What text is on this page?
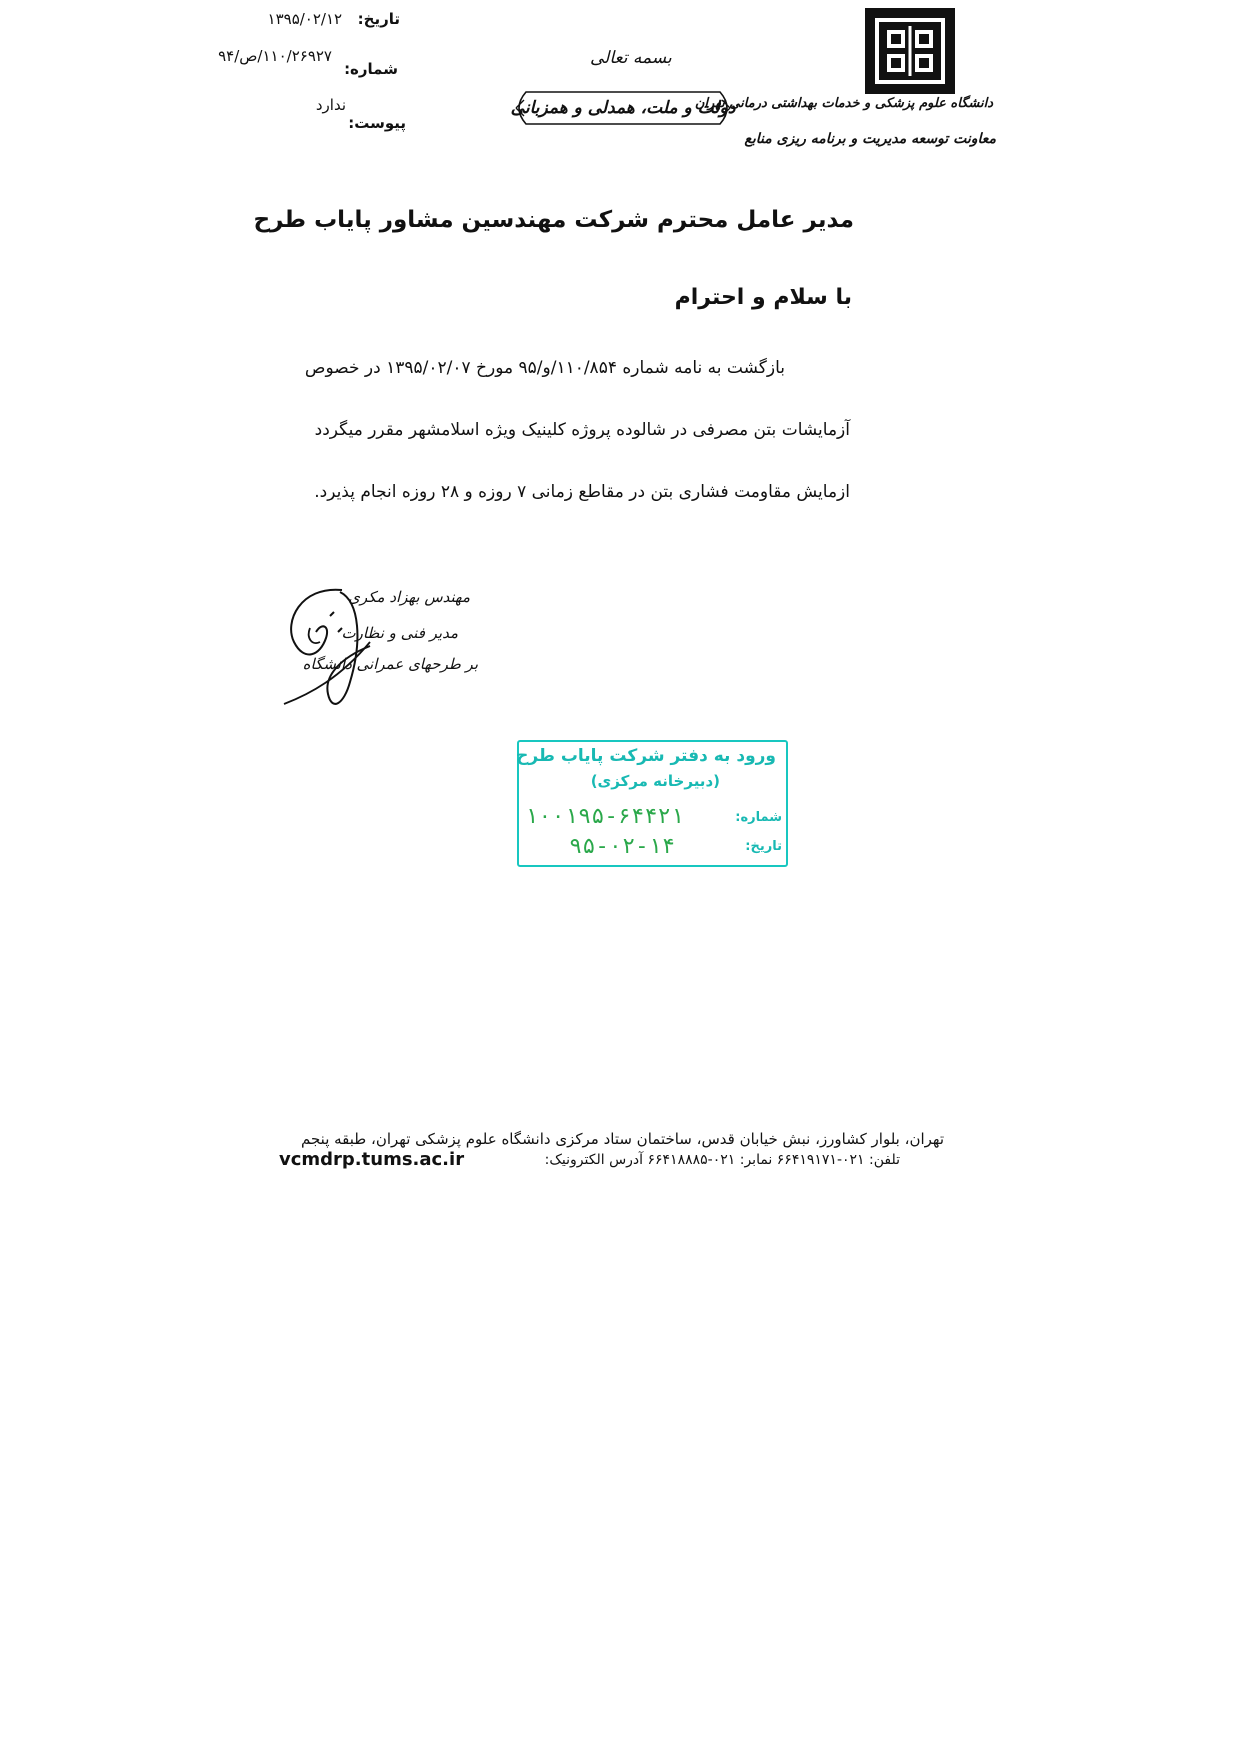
تاریخ:  ۱۳۹۵/۰۲/۱۲
شماره:
۱۱۰/۲۶۹۲۷/ص/۹۴
ندارد
پیوست:
بسمه تعالی
دولت و ملت، همدلی و همزبانی
دانشگاه علوم پزشکی و خدمات بهداشتی درمانی تهران
معاونت توسعه مدیریت و برنامه ریزی منابع
مدیر عامل محترم شرکت مهندسین مشاور پایاب طرح
با سلام و احترام
بازگشت به نامه شماره ۱۱۰/۸۵۴/و/۹۵ مورخ ۱۳۹۵/۰۲/۰۷ در خصوص
آزمایشات بتن مصرفی در شالوده پروژه کلینیک ویژه اسلامشهر مقرر میگردد
ازمایش مقاومت فشاری بتن در مقاطع زمانی ۷ روزه و ۲۸ روزه انجام پذیرد.
مهندس بهزاد مکری
مدیر فنی و نظارت
بر طرحهای عمرانی دانشگاه
ورود به دفتر شرکت پایاب طرح
(دبیرخانه مرکزی)
شماره:
۱۰۰۱۹۵-۶۴۴۲۱
تاریخ:
۹۵-۰۲-۱۴
تهران، بلوار کشاورز، نبش خیابان قدس، ساختمان ستاد مرکزی دانشگاه علوم پزشکی تهران، طبقه پنجم
تلفن: ۰۲۱-۶۶۴۱۹۱۷۱ نمابر: ۰۲۱-۶۶۴۱۸۸۸۵ آدرس الکترونیک:
vcmdrp.tums.ac.ir
